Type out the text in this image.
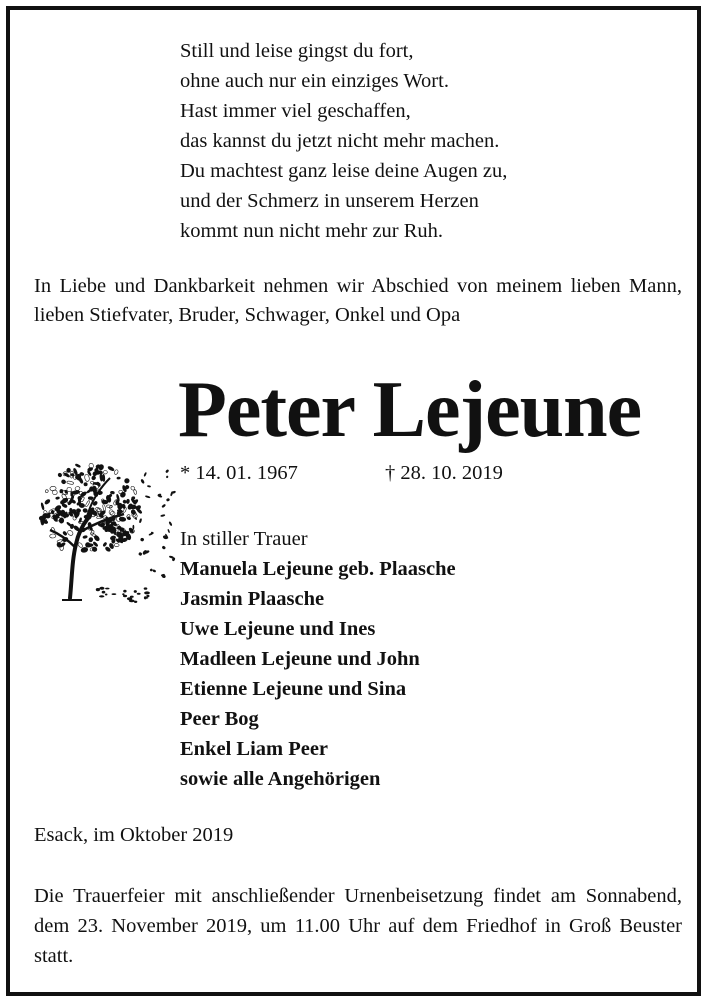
Still und leise gingst du fort,
ohne auch nur ein einziges Wort.
Hast immer viel geschaffen,
das kannst du jetzt nicht mehr machen.
Du machtest ganz leise deine Augen zu,
und der Schmerz in unserem Herzen
kommt nun nicht mehr zur Ruh.
In Liebe und Dankbarkeit nehmen wir Abschied von meinem lieben Mann, lieben Stiefvater, Bruder, Schwager, Onkel und Opa
Peter Lejeune
* 14. 01. 1967	† 28. 10. 2019
In stiller Trauer
Manuela Lejeune geb. Plaasche
Jasmin Plaasche
Uwe Lejeune und Ines
Madleen Lejeune und John
Etienne Lejeune und Sina
Peer Bog
Enkel Liam Peer
sowie alle Angehörigen
Esack, im Oktober 2019
Die Trauerfeier mit anschließender Urnenbeisetzung findet am Sonnabend, dem 23. November 2019, um 11.00 Uhr auf dem Friedhof in Groß Beuster statt.
